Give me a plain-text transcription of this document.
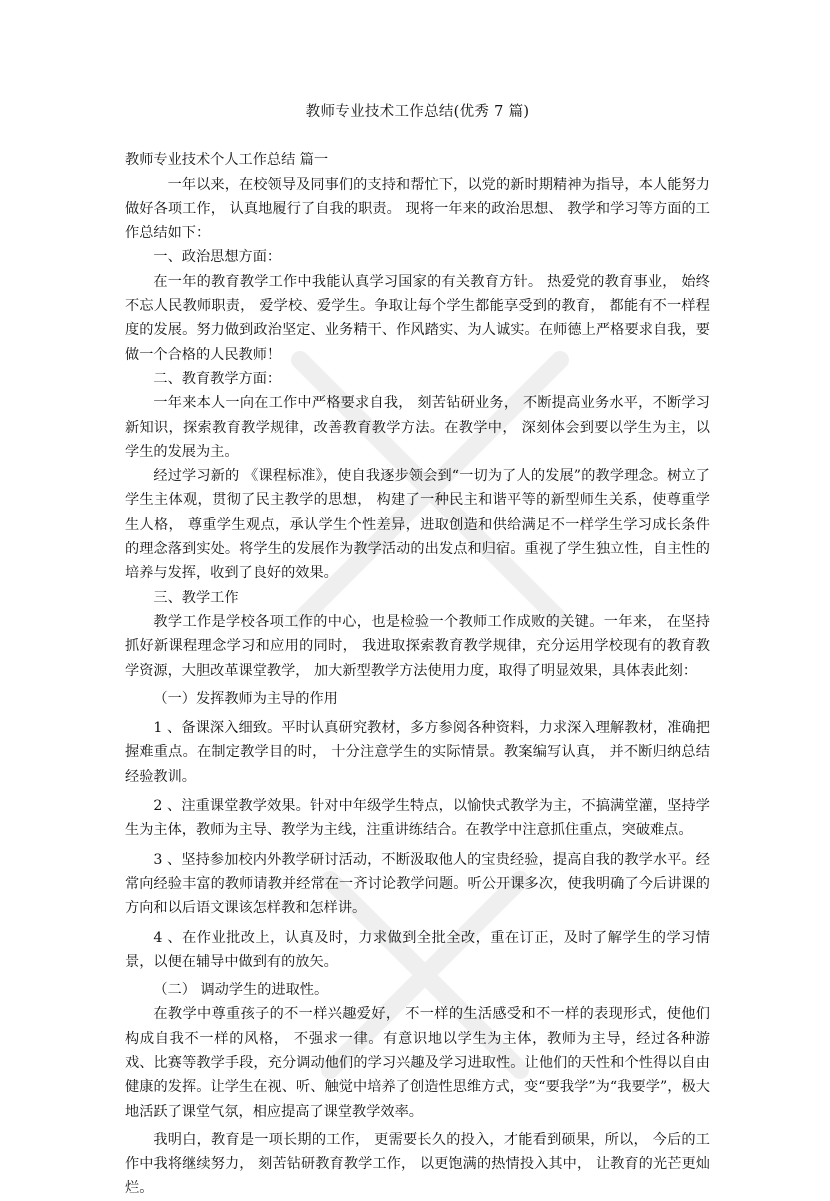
教师专业技术工作总结(优秀 7 篇)

教师专业技术个人工作总结 篇一

一年以来，在校领导及同事们的支持和帮忙下，以党的新时期精神为指导，本人能努力做好各项工作， 认真地履行了自我的职责。 现将一年来的政治思想、 教学和学习等方面的工作总结如下：

一、政治思想方面：

在一年的教育教学工作中我能认真学习国家的有关教育方针。 热爱党的教育事业， 始终不忘人民教师职责， 爱学校、爱学生。争取让每个学生都能享受到的教育， 都能有不一样程度的发展。努力做到政治坚定、业务精干、作风踏实、为人诚实。在师德上严格要求自我，要做一个合格的人民教师！

二、教育教学方面：

一年来本人一向在工作中严格要求自我， 刻苦钻研业务， 不断提高业务水平，不断学习新知识，探索教育教学规律，改善教育教学方法。在教学中， 深刻体会到要以学生为主，以学生的发展为主。

经过学习新的 《课程标准》，使自我逐步领会到“一切为了人的发展”的教学理念。树立了学生主体观，贯彻了民主教学的思想， 构建了一种民主和谐平等的新型师生关系，使尊重学生人格， 尊重学生观点，承认学生个性差异，进取创造和供给满足不一样学生学习成长条件的理念落到实处。将学生的发展作为教学活动的出发点和归宿。重视了学生独立性，自主性的培养与发挥，收到了良好的效果。

三、教学工作

教学工作是学校各项工作的中心，也是检验一个教师工作成败的关键。一年来， 在坚持抓好新课程理念学习和应用的同时， 我进取探索教育教学规律，充分运用学校现有的教育教学资源，大胆改革课堂教学， 加大新型教学方法使用力度，取得了明显效果，具体表此刻：

（一）发挥教师为主导的作用

1 、备课深入细致。平时认真研究教材，多方参阅各种资料，力求深入理解教材，准确把握难重点。在制定教学目的时， 十分注意学生的实际情景。教案编写认真， 并不断归纳总结经验教训。

2 、注重课堂教学效果。针对中年级学生特点，以愉快式教学为主，不搞满堂灌，坚持学生为主体，教师为主导、教学为主线，注重讲练结合。在教学中注意抓住重点，突破难点。

3 、坚持参加校内外教学研讨活动，不断汲取他人的宝贵经验，提高自我的教学水平。经常向经验丰富的教师请教并经常在一齐讨论教学问题。听公开课多次，使我明确了今后讲课的方向和以后语文课该怎样教和怎样讲。

4 、在作业批改上，认真及时，力求做到全批全改，重在订正，及时了解学生的学习情景，以便在辅导中做到有的放矢。

（二） 调动学生的进取性。

在教学中尊重孩子的不一样兴趣爱好， 不一样的生活感受和不一样的表现形式，使他们构成自我不一样的风格， 不强求一律。有意识地以学生为主体，教师为主导，经过各种游戏、比赛等教学手段，充分调动他们的学习兴趣及学习进取性。让他们的天性和个性得以自由健康的发挥。让学生在视、听、触觉中培养了创造性思维方式，变“要我学”为“我要学”，极大地活跃了课堂气氛，相应提高了课堂教学效率。

我明白，教育是一项长期的工作， 更需要长久的投入，才能看到硕果，所以， 今后的工作中我将继续努力， 刻苦钻研教育教学工作， 以更饱满的热情投入其中， 让教育的光芒更灿烂。
